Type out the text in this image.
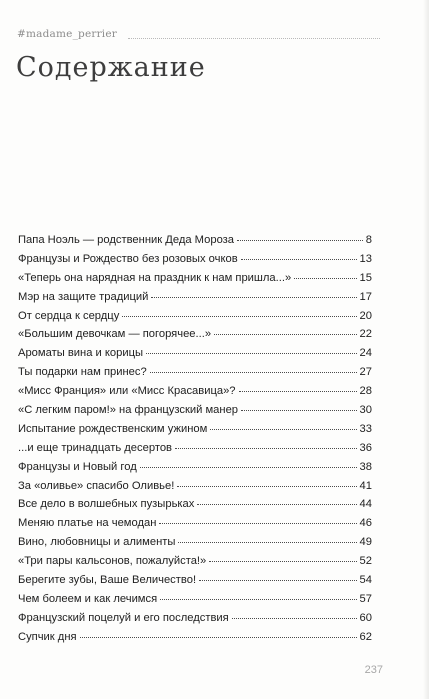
#madame_perrier
Содержание
Папа Ноэль — родственник Деда Мороза	8
Французы и Рождество без розовых очков	13
«Теперь она нарядная на праздник к нам пришла...»	15
Мэр на защите традиций	17
От сердца к сердцу	20
«Большим девочкам — погорячее...»	22
Ароматы вина и корицы	24
Ты подарки нам принес?	27
«Мисс Франция» или «Мисс Красавица»?	28
«С легким паром!» на французский манер	30
Испытание рождественским ужином	33
...и еще тринадцать десертов	36
Французы и Новый год	38
За «оливье» спасибо Оливье!	41
Все дело в волшебных пузырьках	44
Меняю платье на чемодан	46
Вино, любовницы и алименты	49
«Три пары кальсонов, пожалуйста!»	52
Берегите зубы, Ваше Величество!	54
Чем болеем и как лечимся	57
Французский поцелуй и его последствия	60
Супчик дня	62
237
